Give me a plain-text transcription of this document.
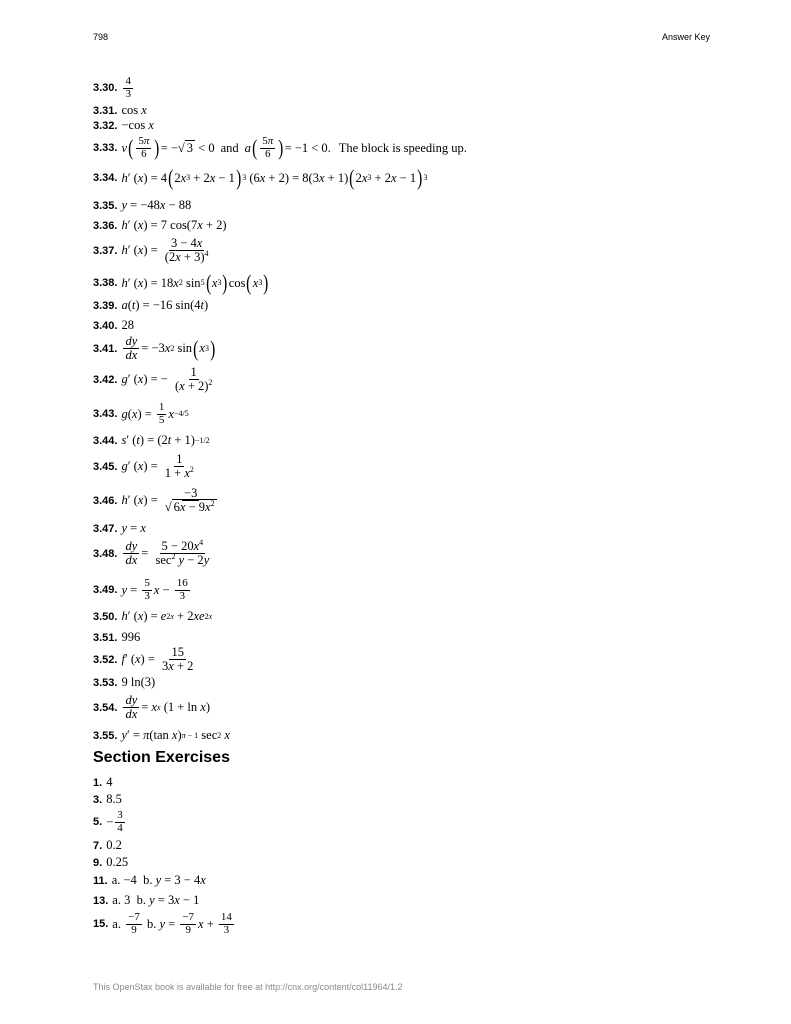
798	Answer Key
3.30. $\frac{4}{3}$
3.31. cos x
3.32. −cos x
3.33. v ( $\frac{5\pi}{6}$ ) = −√ 3 < 0 and a ( $\frac{5\pi}{6}$ ) = −1 < 0. The block is speeding up.
3.34. h ′ ( x ) = 4 ( 2 x 3 + 2 x − 1 ) 3 (6 x + 2) = 8(3 x + 1) ( 2 x 3 + 2 x − 1 ) 3
3.35. y = −48 x − 88
3.36. h ′ ( x ) = 7 cos(7 x + 2)
3.37. h ′ ( x ) = $\frac{3 - 4x}{(2x + 3)^4}$
3.38. h ′ ( x ) = 18 x 2 sin 5 ( x 3 ) cos ( x 3 )
3.39. a ( t ) = −16 sin(4 t )
3.40. 28
3.41. $\frac{dy}{dx} = -3$ x 2 sin ( x 3 )
3.42. g ′ ( x ) = − $\frac{1}{(x + 2)^2}$
3.43. g ( x ) = $\frac{1}{5}$ x −4/5
3.44. s ′ ( t ) = (2 t + 1) −1/2
3.45. g ′ ( x ) = $\frac{1}{1 + x^2}$
3.46. h ′ ( x ) = $\frac{-3}{√ 6x - 9x^2}$
3.47. y = x
3.48. $\frac{dy}{dx} = \frac{5 - 20x^4}{\sec^2 y - 2y}$
3.49. $y = \frac{5}{3}$ $x - \frac{16}{3}$
3.50. h ′ ( x ) = e 2x + 2 xe 2x
3.51. 996
3.52. f ′ ( x ) = $\frac{15}{3x + 2}$
3.53. 9 ln(3)
3.54. $\frac{dy}{dx} = x$ x (1 + ln x )
3.55. y ′ = π (tan x ) π − 1 sec 2
x
Section Exercises
1. 4
3. 8.5
5. − $\frac{3}{4}$
7. 0.2
9. 0.25
11. a. −4 b.
y = 3 − 4 x
13. a. 3 b.
y = 3 x − 1
15. a.
$\frac{-7}{9}$
b.
$y = \frac{-7}{9}$ $x + \frac{14}{3}$
This OpenStax book is available for free at http://cnx.org/content/col11964/1.2
